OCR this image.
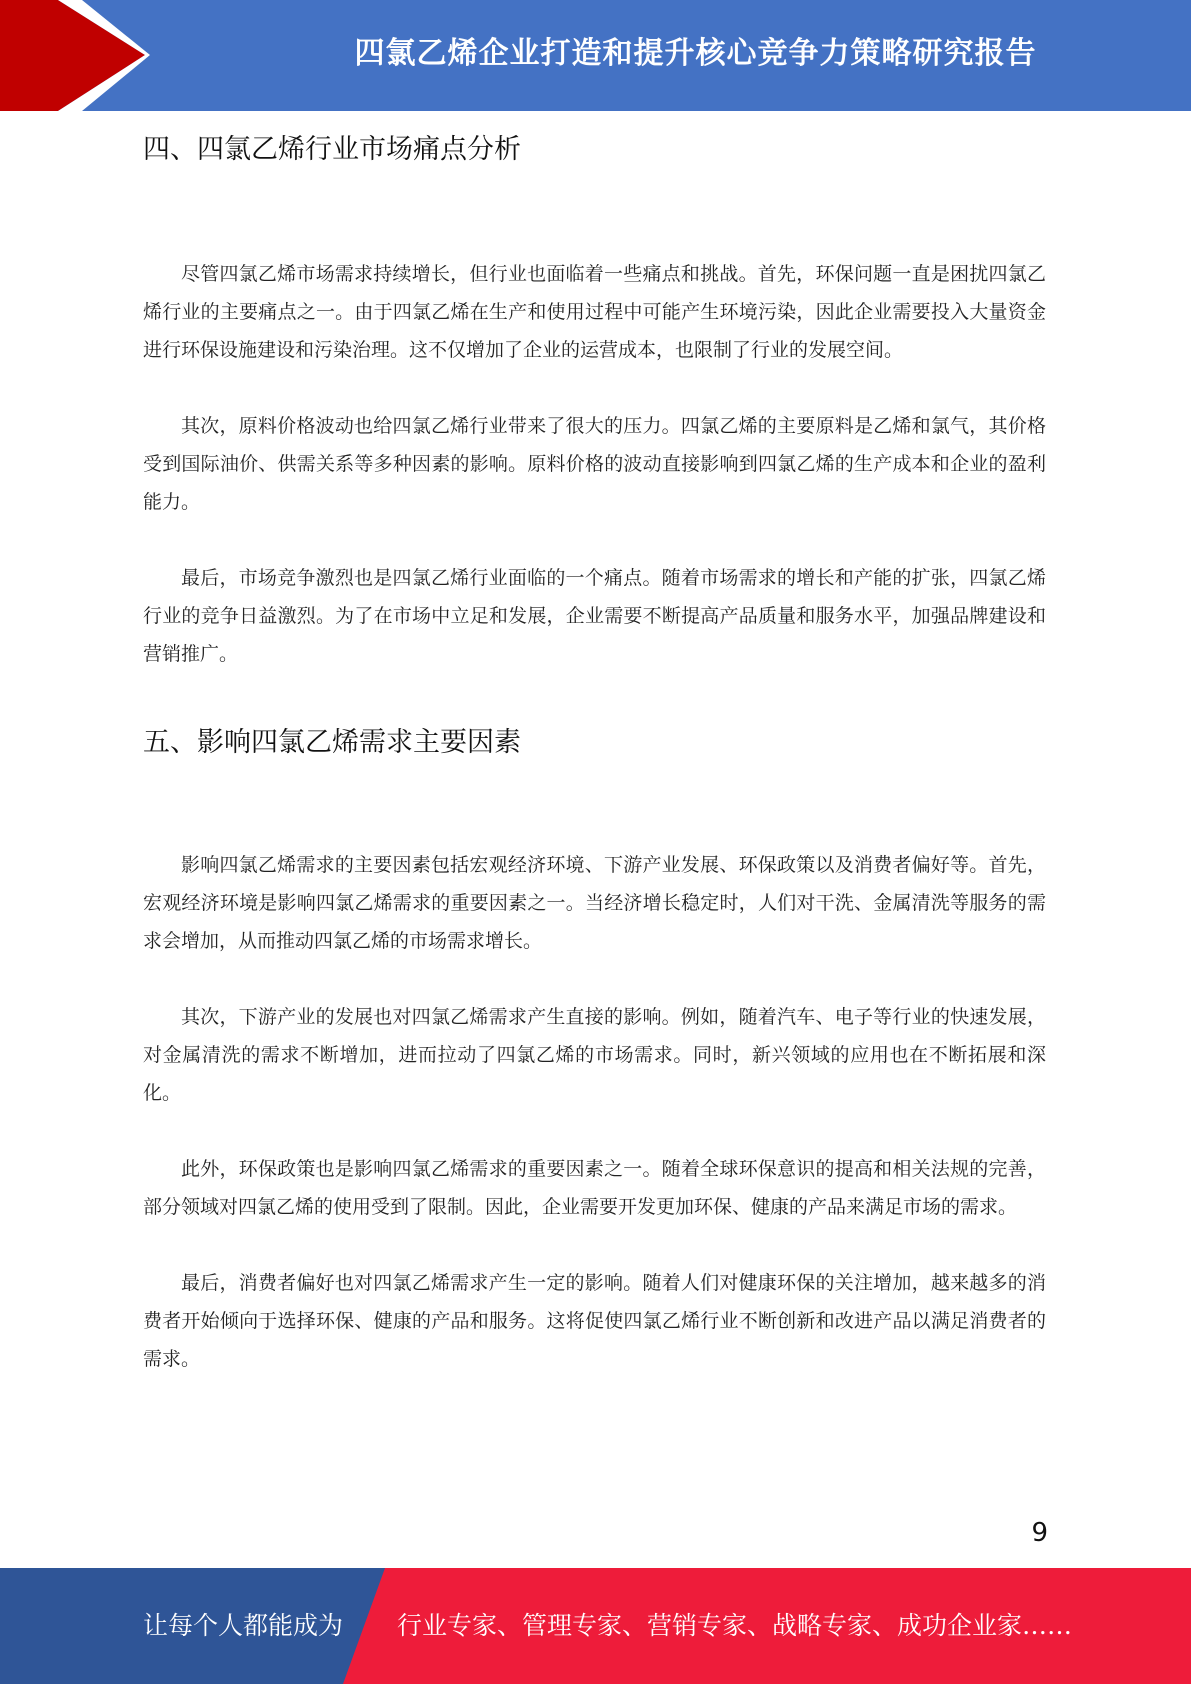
四氯乙烯企业打造和提升核心竞争力策略研究报告
四、四氯乙烯行业市场痛点分析

尽管四氯乙烯市场需求持续增长，但行业也面临着一些痛点和挑战。首先，环保问题一直是困扰四氯乙烯行业的主要痛点之一。由于四氯乙烯在生产和使用过程中可能产生环境污染，因此企业需要投入大量资金进行环保设施建设和污染治理。这不仅增加了企业的运营成本，也限制了行业的发展空间。

其次，原料价格波动也给四氯乙烯行业带来了很大的压力。四氯乙烯的主要原料是乙烯和氯气，其价格受到国际油价、供需关系等多种因素的影响。原料价格的波动直接影响到四氯乙烯的生产成本和企业的盈利能力。

最后，市场竞争激烈也是四氯乙烯行业面临的一个痛点。随着市场需求的增长和产能的扩张，四氯乙烯行业的竞争日益激烈。为了在市场中立足和发展，企业需要不断提高产品质量和服务水平，加强品牌建设和营销推广。

五、影响四氯乙烯需求主要因素

影响四氯乙烯需求的主要因素包括宏观经济环境、下游产业发展、环保政策以及消费者偏好等。首先，宏观经济环境是影响四氯乙烯需求的重要因素之一。当经济增长稳定时，人们对干洗、金属清洗等服务的需求会增加，从而推动四氯乙烯的市场需求增长。

其次，下游产业的发展也对四氯乙烯需求产生直接的影响。例如，随着汽车、电子等行业的快速发展，对金属清洗的需求不断增加，进而拉动了四氯乙烯的市场需求。同时，新兴领域的应用也在不断拓展和深化。

此外，环保政策也是影响四氯乙烯需求的重要因素之一。随着全球环保意识的提高和相关法规的完善，部分领域对四氯乙烯的使用受到了限制。因此，企业需要开发更加环保、健康的产品来满足市场的需求。

最后，消费者偏好也对四氯乙烯需求产生一定的影响。随着人们对健康环保的关注增加，越来越多的消费者开始倾向于选择环保、健康的产品和服务。这将促使四氯乙烯行业不断创新和改进产品以满足消费者的需求。

9
让每个人都能成为 行业专家、管理专家、营销专家、战略专家、成功企业家……
